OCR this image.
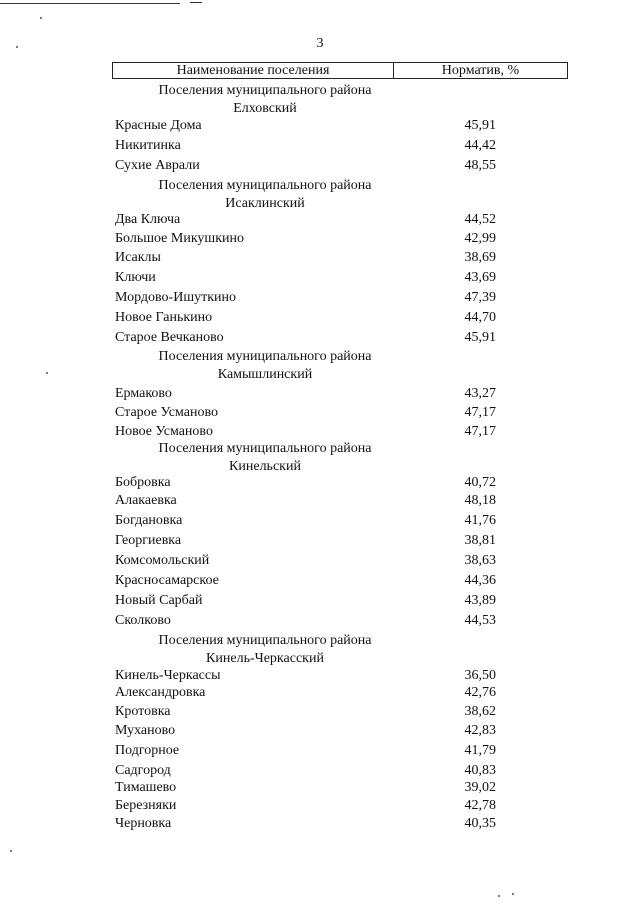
3
Наименование поселения	Норматив, %
Поселения муниципального района
Елховский
Красные Дома	45,91
Никитинка	44,42
Сухие Аврали	48,55
Поселения муниципального района
Исаклинский
Два Ключа	44,52
Большое Микушкино	42,99
Исаклы	38,69
Ключи	43,69
Мордово-Ишуткино	47,39
Новое Ганькино	44,70
Старое Вечканово	45,91
Поселения муниципального района
Камышлинский
Ермаково	43,27
Старое Усманово	47,17
Новое Усманово	47,17
Поселения муниципального района
Кинельский
Бобровка	40,72
Алакаевка	48,18
Богдановка	41,76
Георгиевка	38,81
Комсомольский	38,63
Красносамарское	44,36
Новый Сарбай	43,89
Сколково	44,53
Поселения муниципального района
Кинель-Черкасский
Кинель-Черкассы	36,50
Александровка	42,76
Кротовка	38,62
Муханово	42,83
Подгорное	41,79
Садгород	40,83
Тимашево	39,02
Березняки	42,78
Черновка	40,35
